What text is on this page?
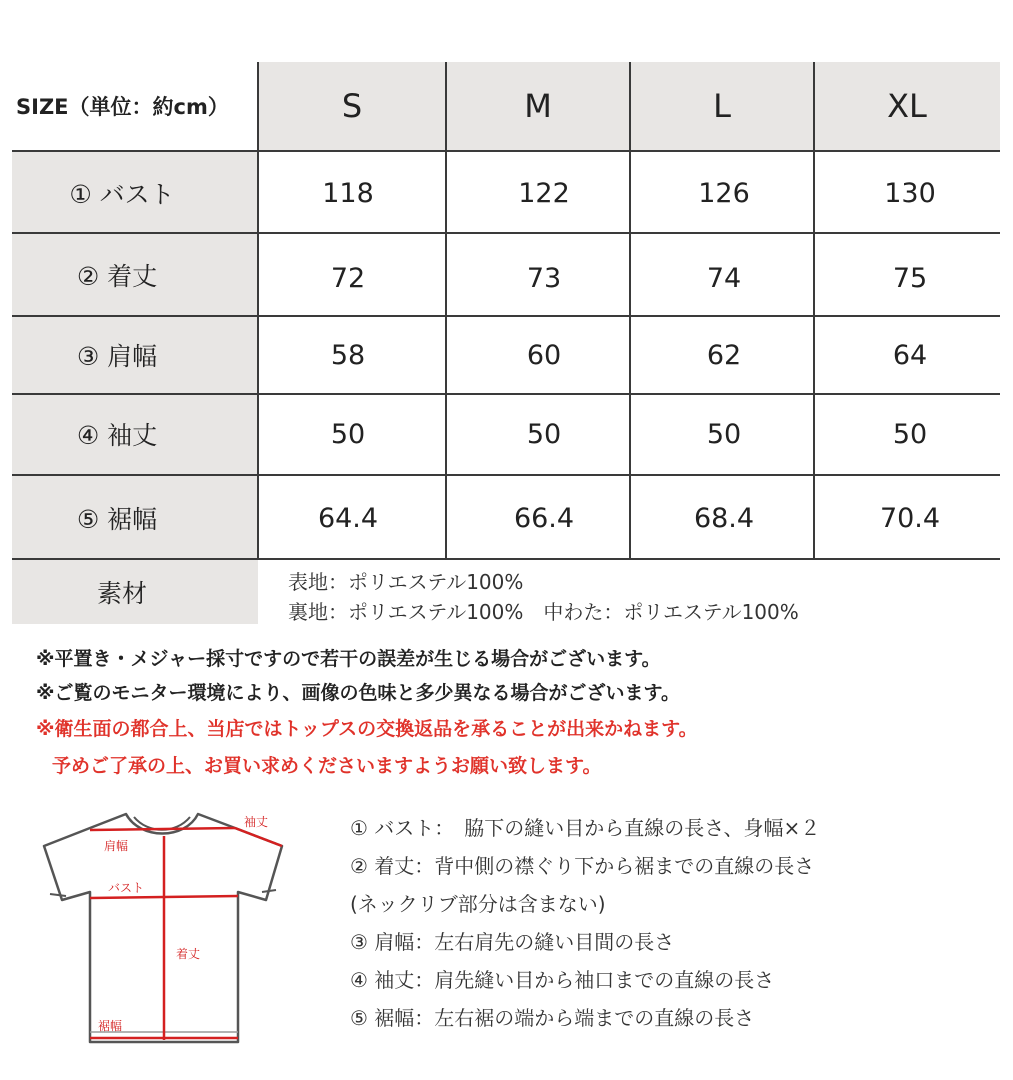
SIZE（単位：約cm）	S	M	L	XL
① バスト	118	122	126	130
② 着丈	72	73	74	75
③ 肩幅	58	60	62	64
④ 袖丈	50	50	50	50
⑤ 裾幅	64.4	66.4	68.4	70.4
素材	表地：ポリエステル100%
裏地：ポリエステル100%　中わた：ポリエステル100%
※平置き・メジャー採寸ですので若干の誤差が生じる場合がございます。
※ご覧のモニター環境により、画像の色味と多少異なる場合がございます。
※衛生面の都合上、当店ではトップスの交換返品を承ることが出来かねます。
予めご了承の上、お買い求めくださいますようお願い致します。
袖丈
肩幅
バスト
着丈
裾幅
① バスト：　脇下の縫い目から直線の長さ、身幅×２
② 着丈：背中側の襟ぐり下から裾までの直線の長さ
(ネックリブ部分は含まない)
③ 肩幅：左右肩先の縫い目間の長さ
④ 袖丈：肩先縫い目から袖口までの直線の長さ
⑤ 裾幅：左右裾の端から端までの直線の長さ
